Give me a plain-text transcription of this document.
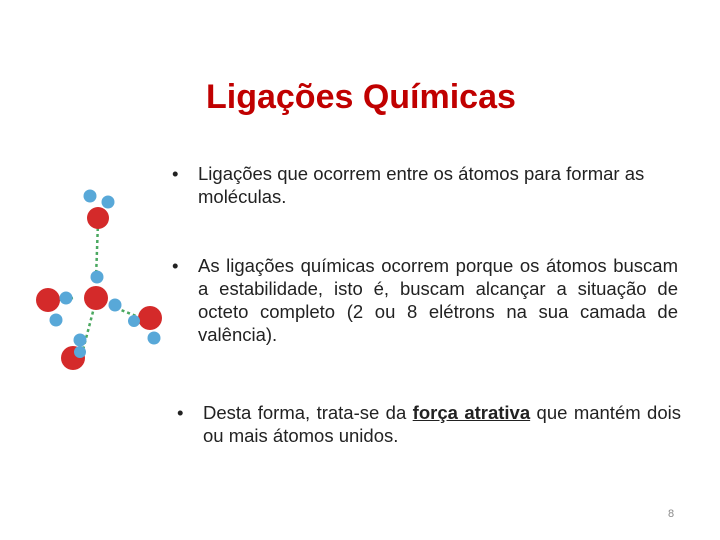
Ligações Químicas
• Ligações que ocorrem entre os átomos para formar as moléculas.
• As ligações químicas ocorrem porque os átomos buscam a estabilidade, isto é, buscam alcançar a situação de octeto completo (2 ou 8 elétrons na sua camada de valência).
• Desta forma, trata-se da força atrativa que mantém dois ou mais átomos unidos.
8
